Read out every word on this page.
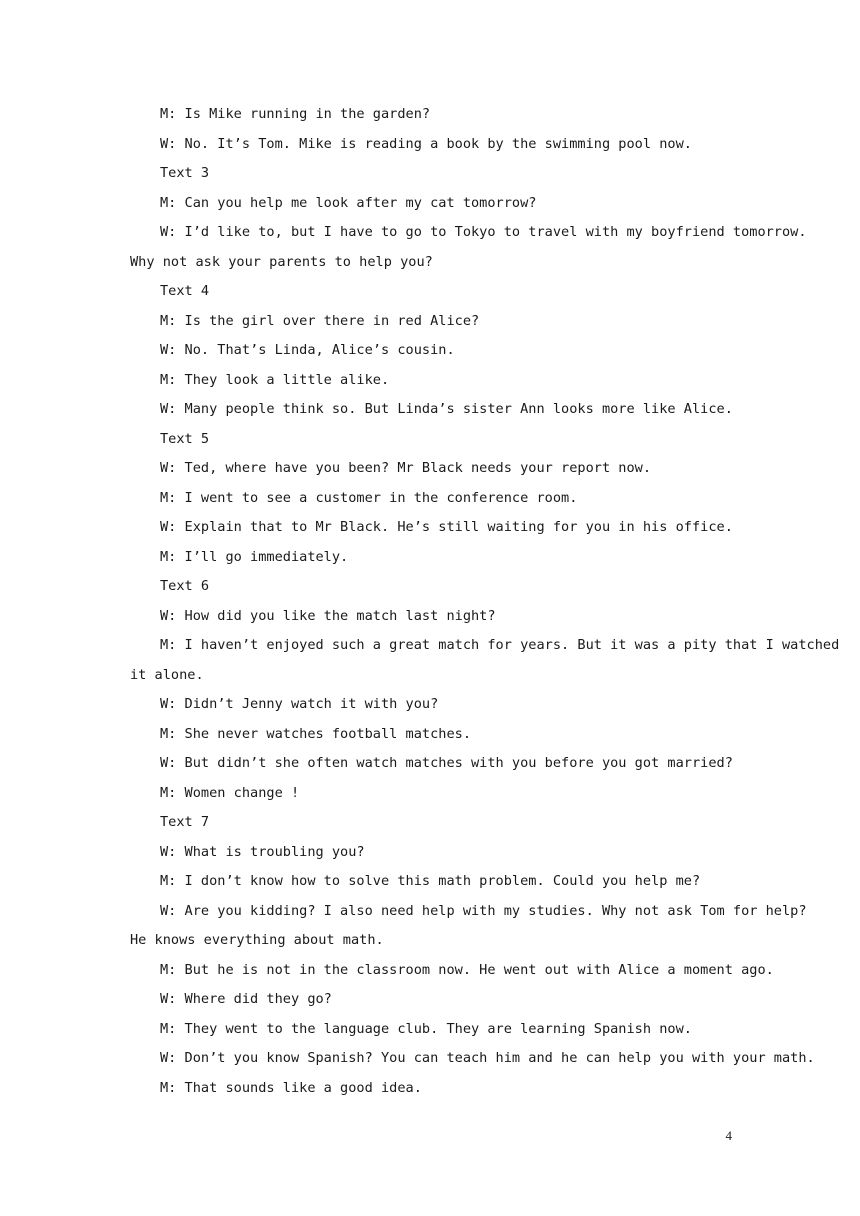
M: Is Mike running in the garden?

W: No. It’s Tom. Mike is reading a book by the swimming pool now.

Text 3

M: Can you help me look after my cat tomorrow?

W: I’d like to, but I have to go to Tokyo to travel with my boyfriend tomorrow.

Why not ask your parents to help you?

Text 4

M: Is the girl over there in red Alice?

W: No. That’s Linda, Alice’s cousin.

M: They look a little alike.

W: Many people think so. But Linda’s sister Ann looks more like Alice.

Text 5

W: Ted, where have you been? Mr Black needs your report now.

M: I went to see a customer in the conference room.

W: Explain that to Mr Black. He’s still waiting for you in his office.

M: I’ll go immediately.

Text 6

W: How did you like the match last night?

M: I haven’t enjoyed such a great match for years. But it was a pity that I watched

it alone.

W: Didn’t Jenny watch it with you?

M: She never watches football matches.

W: But didn’t she often watch matches with you before you got married?

M: Women change !

Text 7

W: What is troubling you?

M: I don’t know how to solve this math problem. Could you help me?

W: Are you kidding? I also need help with my studies. Why not ask Tom for help?

He knows everything about math.

M: But he is not in the classroom now. He went out with Alice a moment ago.

W: Where did they go?

M: They went to the language club. They are learning Spanish now.

W: Don’t you know Spanish? You can teach him and he can help you with your math.

M: That sounds like a good idea.

4
